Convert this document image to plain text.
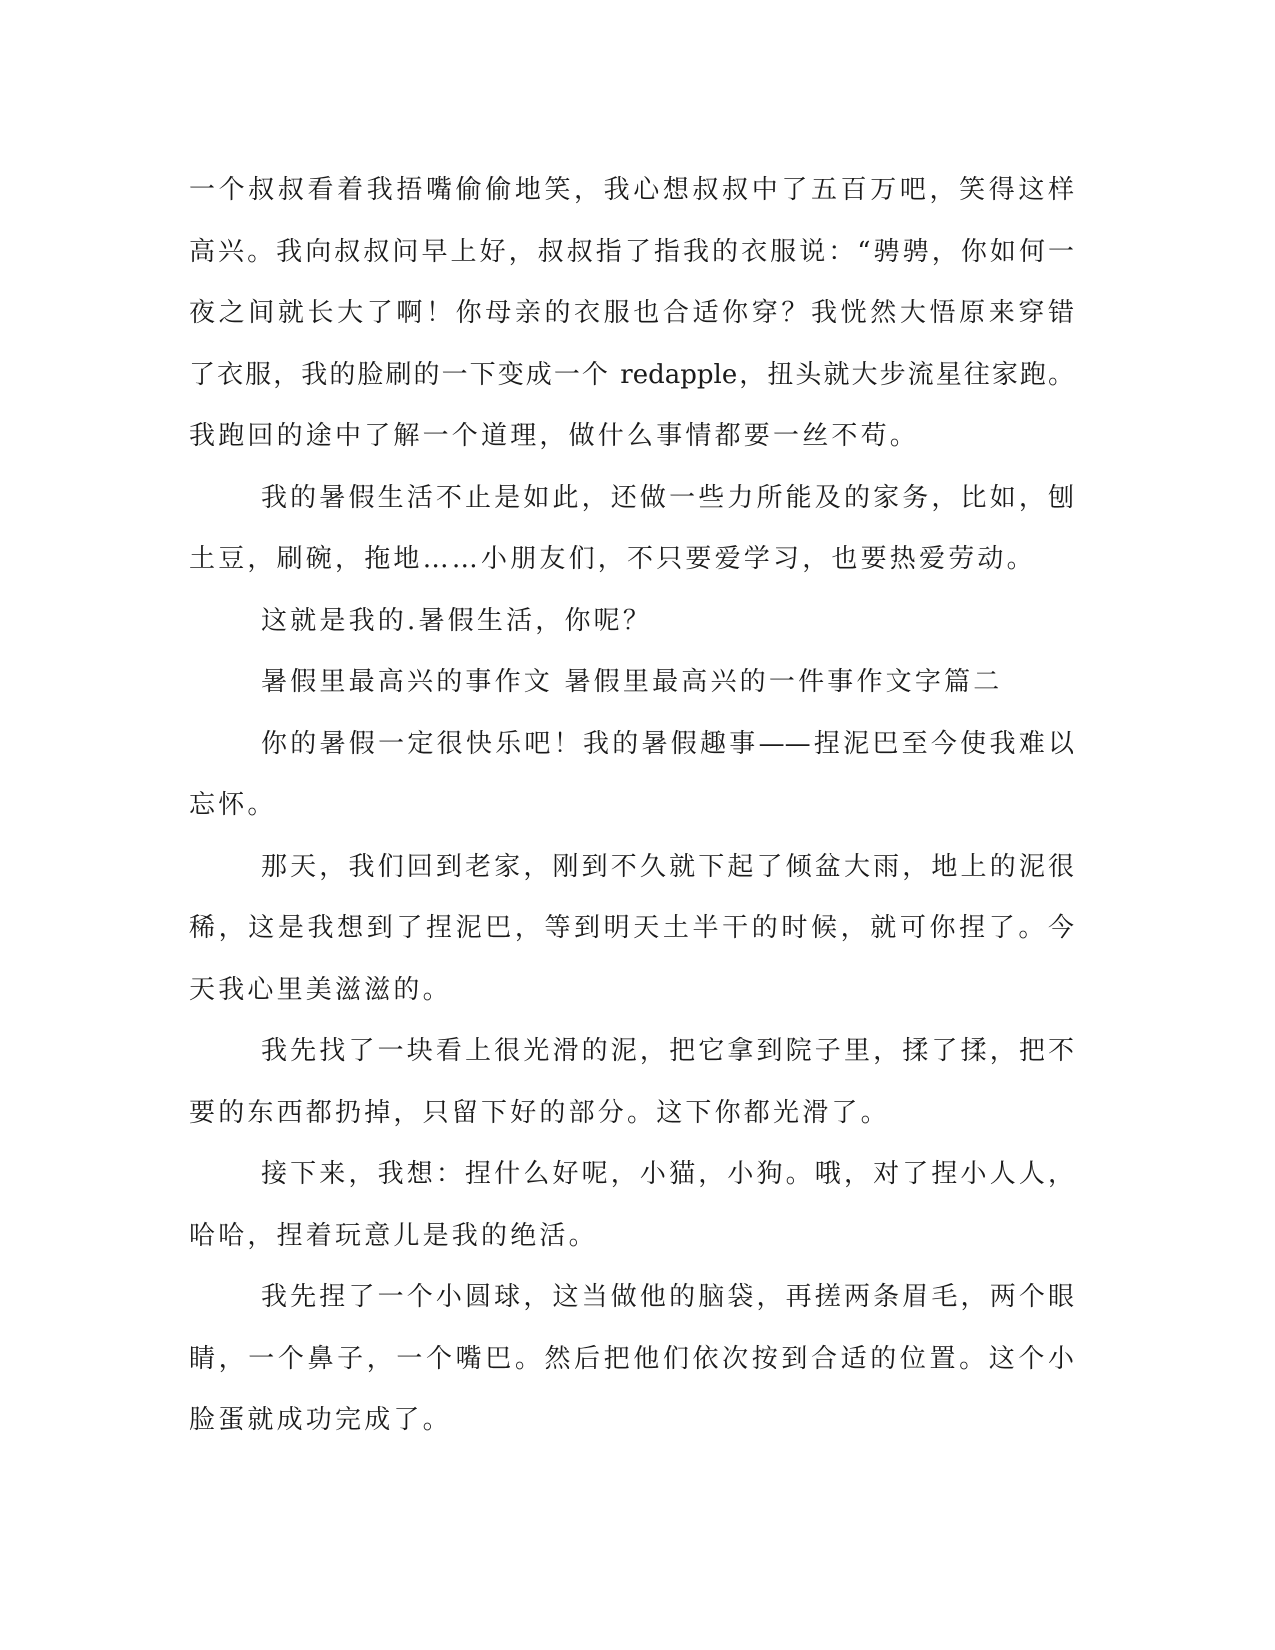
一个叔叔看着我捂嘴偷偷地笑，我心想叔叔中了五百万吧，笑得这样
高兴。我向叔叔问早上好，叔叔指了指我的衣服说：“骋骋，你如何一
夜之间就长大了啊！你母亲的衣服也合适你穿？我恍然大悟原来穿错
了衣服，我的脸刷的一下变成一个 redapple，扭头就大步流星往家跑。
我跑回的途中了解一个道理，做什么事情都要一丝不苟。
我的暑假生活不止是如此，还做一些力所能及的家务，比如，刨
土豆，刷碗，拖地……小朋友们，不只要爱学习，也要热爱劳动。
这就是我的.暑假生活，你呢？
暑假里最高兴的事作文 暑假里最高兴的一件事作文字篇二
你的暑假一定很快乐吧！我的暑假趣事——捏泥巴至今使我难以
忘怀。
那天，我们回到老家，刚到不久就下起了倾盆大雨，地上的泥很
稀，这是我想到了捏泥巴，等到明天土半干的时候，就可你捏了。今
天我心里美滋滋的。
我先找了一块看上很光滑的泥，把它拿到院子里，揉了揉，把不
要的东西都扔掉，只留下好的部分。这下你都光滑了。
接下来，我想：捏什么好呢，小猫，小狗。哦，对了捏小人人，
哈哈，捏着玩意儿是我的绝活。
我先捏了一个小圆球，这当做他的脑袋，再搓两条眉毛，两个眼
睛，一个鼻子，一个嘴巴。然后把他们依次按到合适的位置。这个小
脸蛋就成功完成了。
